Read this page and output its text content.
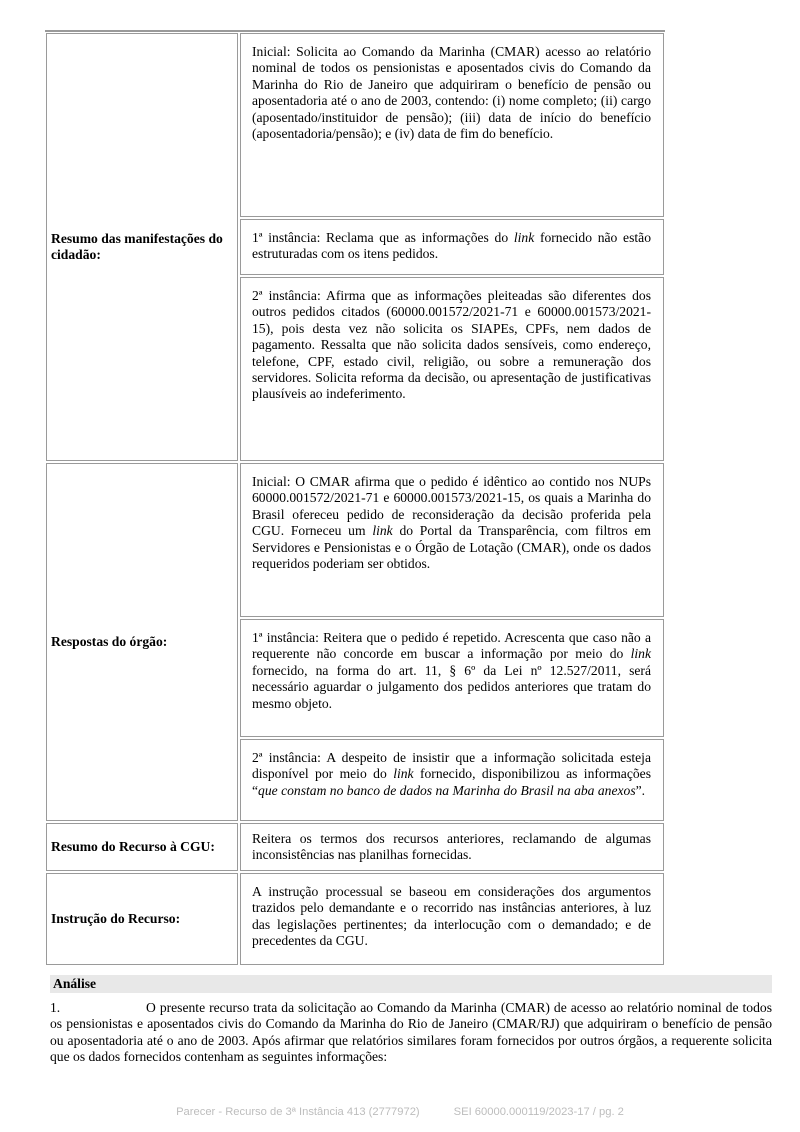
Resumo das manifestações do cidadão:

Inicial: Solicita ao Comando da Marinha (CMAR) acesso ao relatório nominal de todos os pensionistas e aposentados civis do Comando da Marinha do Rio de Janeiro que adquiriram o benefício de pensão ou aposentadoria até o ano de 2003, contendo: (i) nome completo; (ii) cargo (aposentado/instituidor de pensão); (iii) data de início do benefício (aposentadoria/pensão); e (iv) data de fim do benefício.

1ª instância: Reclama que as informações do link fornecido não estão estruturadas com os itens pedidos.

2ª instância: Afirma que as informações pleiteadas são diferentes dos outros pedidos citados (60000.001572/2021-71 e 60000.001573/2021-15), pois desta vez não solicita os SIAPEs, CPFs, nem dados de pagamento. Ressalta que não solicita dados sensíveis, como endereço, telefone, CPF, estado civil, religião, ou sobre a remuneração dos servidores. Solicita reforma da decisão, ou apresentação de justificativas plausíveis ao indeferimento.

Respostas do órgão:

Inicial: O CMAR afirma que o pedido é idêntico ao contido nos NUPs 60000.001572/2021-71 e 60000.001573/2021-15, os quais a Marinha do Brasil ofereceu pedido de reconsideração da decisão proferida pela CGU. Forneceu um link do Portal da Transparência, com filtros em Servidores e Pensionistas e o Órgão de Lotação (CMAR), onde os dados requeridos poderiam ser obtidos.

1ª instância: Reitera que o pedido é repetido. Acrescenta que caso não a requerente não concorde em buscar a informação por meio do link fornecido, na forma do art. 11, § 6º da Lei nº 12.527/2011, será necessário aguardar o julgamento dos pedidos anteriores que tratam do mesmo objeto.

2ª instância: A despeito de insistir que a informação solicitada esteja disponível por meio do link fornecido, disponibilizou as informações “que constam no banco de dados na Marinha do Brasil na aba anexos”.

Resumo do Recurso à CGU:

Reitera os termos dos recursos anteriores, reclamando de algumas inconsistências nas planilhas fornecidas.

Instrução do Recurso:

A instrução processual se baseou em considerações dos argumentos trazidos pelo demandante e o recorrido nas instâncias anteriores, à luz das legislações pertinentes; da interlocução com o demandado; e de precedentes da CGU.

Análise
1.	O presente recurso trata da solicitação ao Comando da Marinha (CMAR) de acesso ao relatório nominal de todos os pensionistas e aposentados civis do Comando da Marinha do Rio de Janeiro (CMAR/RJ) que adquiriram o benefício de pensão ou aposentadoria até o ano de 2003. Após afirmar que relatórios similares foram fornecidos por outros órgãos, a requerente solicita que os dados fornecidos contenham as seguintes informações:
Parecer - Recurso de 3ª Instância 413 (2777972)	SEI 60000.000119/2023-17 / pg. 2
